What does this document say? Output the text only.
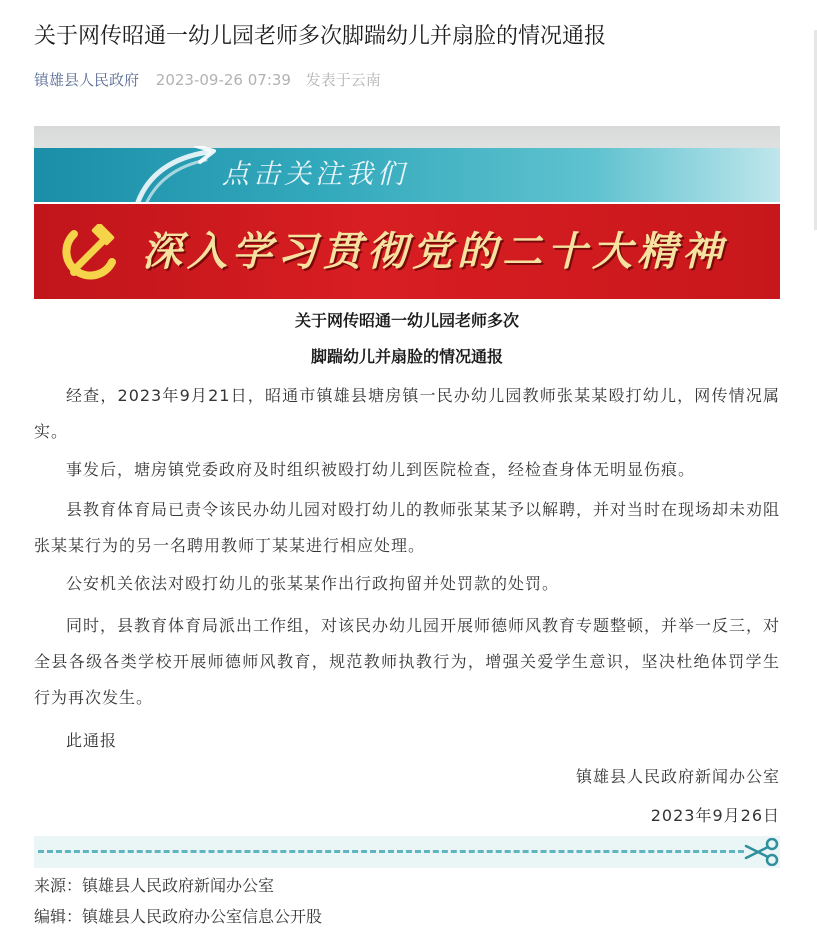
关于网传昭通一幼儿园老师多次脚踹幼儿并扇脸的情况通报
镇雄县人民政府 2023-09-26 07:39 发表于云南
点击关注我们
深入学习贯彻党的二十大精神
关于网传昭通一幼儿园老师多次
脚踹幼儿并扇脸的情况通报
经查，2023年9月21日，昭通市镇雄县塘房镇一民办幼儿园教师张某某殴打幼儿，网传情况属实。
事发后，塘房镇党委政府及时组织被殴打幼儿到医院检查，经检查身体无明显伤痕。
县教育体育局已责令该民办幼儿园对殴打幼儿的教师张某某予以解聘，并对当时在现场却未劝阻张某某行为的另一名聘用教师丁某某进行相应处理。
公安机关依法对殴打幼儿的张某某作出行政拘留并处罚款的处罚。
同时，县教育体育局派出工作组，对该民办幼儿园开展师德师风教育专题整顿，并举一反三，对全县各级各类学校开展师德师风教育，规范教师执教行为，增强关爱学生意识，坚决杜绝体罚学生行为再次发生。
此通报
镇雄县人民政府新闻办公室
2023年9月26日
来源：镇雄县人民政府新闻办公室
编辑：镇雄县人民政府办公室信息公开股
